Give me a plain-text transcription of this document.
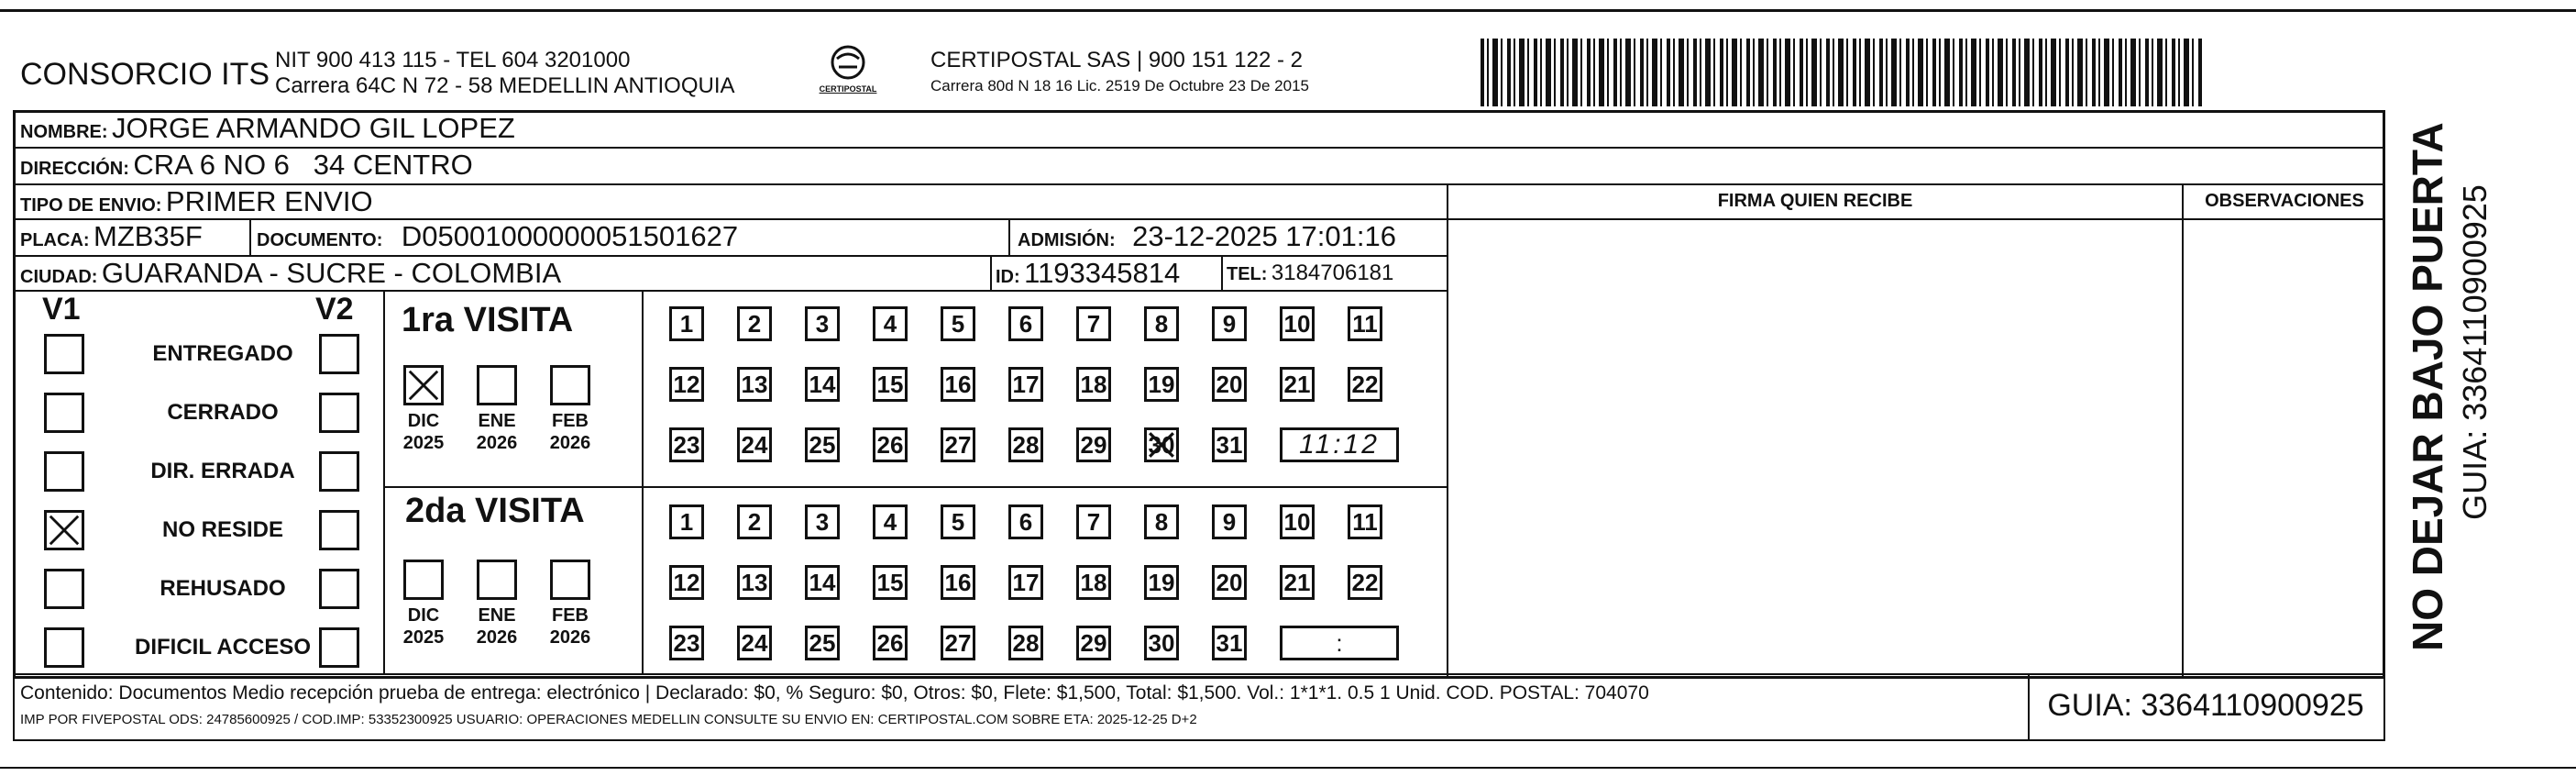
CONSORCIO ITS NIT 900 413 115 - TEL 604 3201000
Carrera 64C N 72 - 58 MEDELLIN ANTIOQUIA	CERTIPOSTAL
CERTIPOSTAL SAS | 900 151 122 - 2
Carrera 80d N 18 16 Lic. 2519 De Octubre 23 De 2015
NOMBRE: JORGE ARMANDO GIL LOPEZ
DIRECCIÓN: CRA 6 NO 6   34 CENTRO
TIPO DE ENVIO: PRIMER ENVIO	FIRMA QUIEN RECIBE	OBSERVACIONES
PLACA: MZB35F	DOCUMENTO: D05001000000051501627	ADMISIÓN: 23-12-2025 17:01:16
CIUDAD: GUARANDA - SUCRE - COLOMBIA	ID: 1193345814	TEL: 3184706181
V1	V2
ENTREGADO
CERRADO
DIR. ERRADA
NO RESIDE
REHUSADO
DIFICIL ACCESO
1ra VISITA
2da VISITA
DIC
2025
ENE
2026
FEB
2026
DIC
2025
ENE
2026
FEB
2026
1	2	3	4	5	6	7	8	9	10 11
12 13 14 15 16 17 18 19 20 21 22
23 24 25 26 27 28 29 30 31	11:12
1	2	3	4	5	6	7	8	9	10 11
12 13 14 15 16 17 18 19 20 21 22
23 24 25 26 27 28 29 30 31	:
Contenido: Documentos Medio recepción prueba de entrega: electrónico | Declarado: $0, % Seguro: $0, Otros: $0, Flete: $1,500, Total: $1,500. Vol.: 1*1*1. 0.5 1 Unid. COD. POSTAL: 704070
IMP POR FIVEPOSTAL ODS: 24785600925 / COD.IMP: 53352300925 USUARIO: OPERACIONES MEDELLIN CONSULTE SU ENVIO EN: CERTIPOSTAL.COM SOBRE ETA: 2025-12-25 D+2	GUIA: 3364110900925
NO DEJAR BAJO PUERTA GUIA: 3364110900925
